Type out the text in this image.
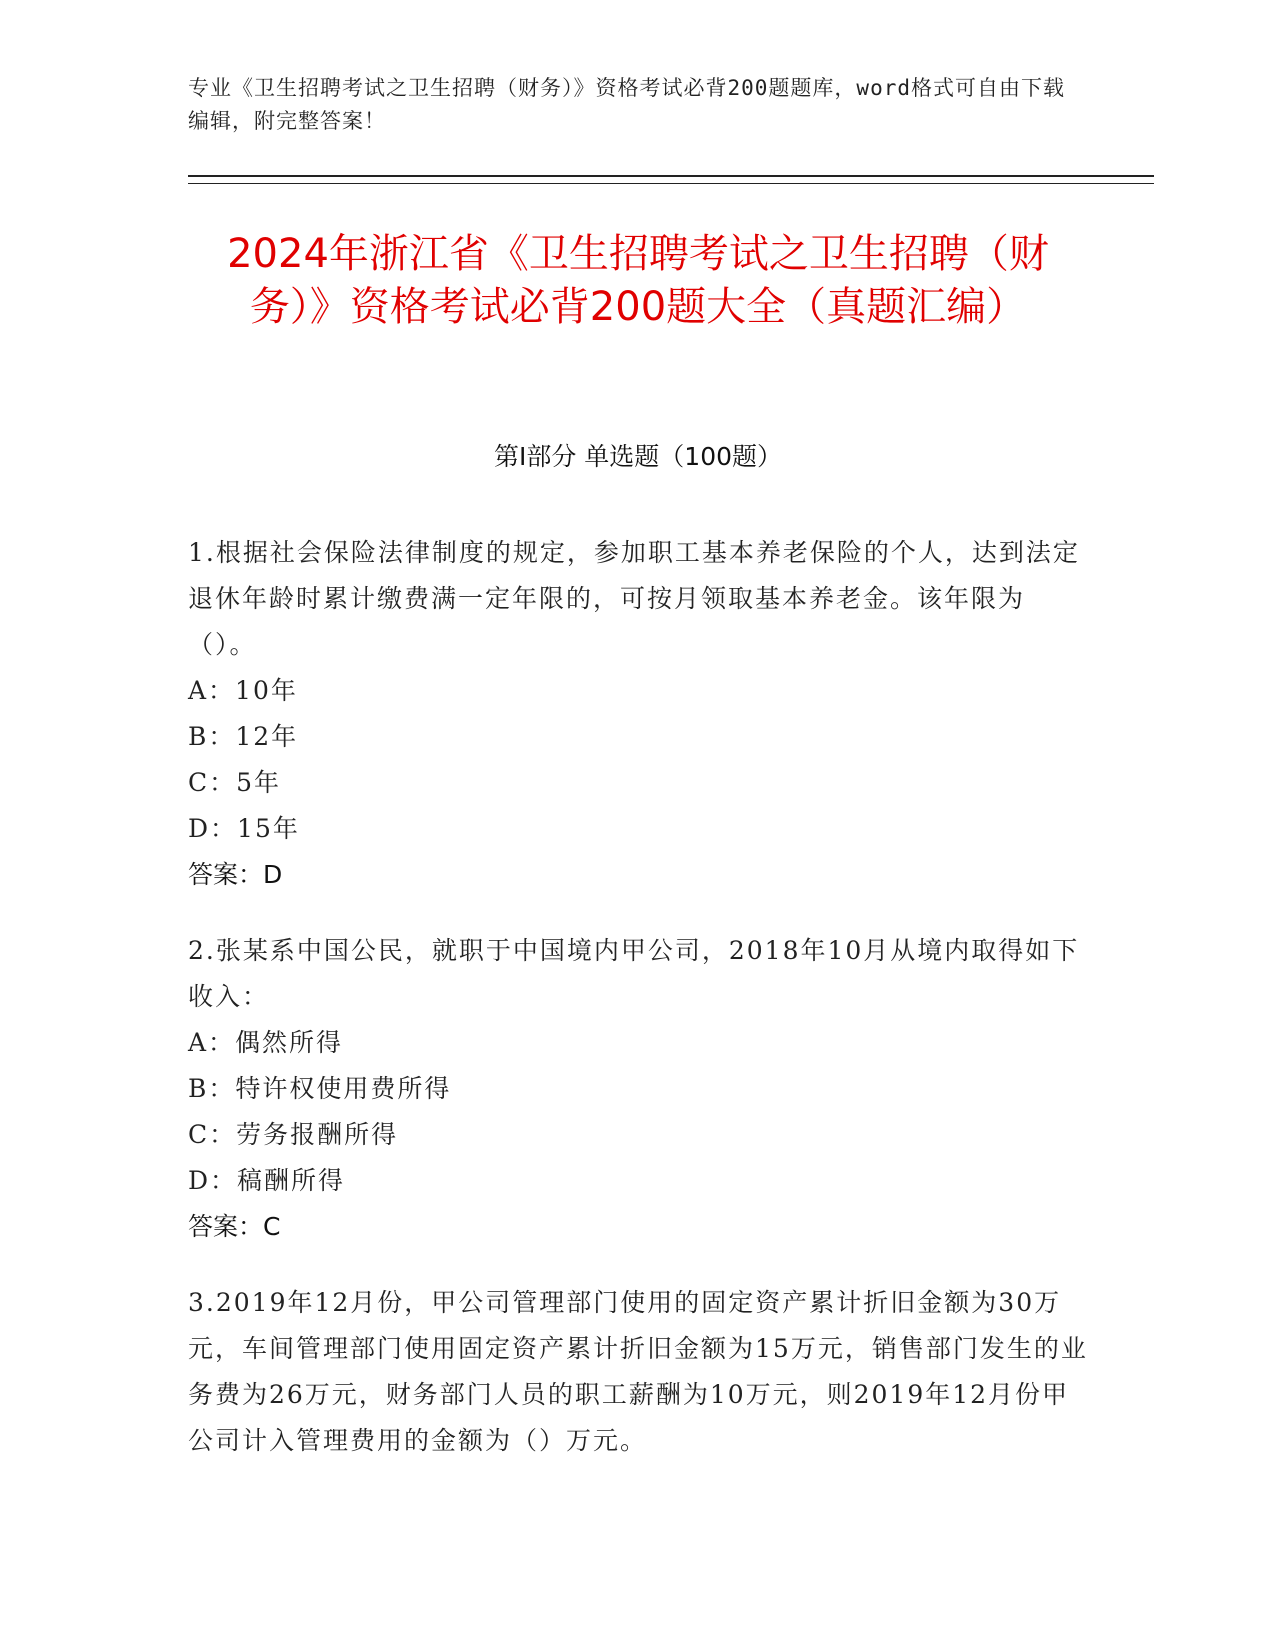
专业《卫生招聘考试之卫生招聘（财务）》资格考试必背200题题库，word格式可自由下载编辑，附完整答案！
2024年浙江省《卫生招聘考试之卫生招聘（财务）》资格考试必背200题大全（真题汇编）
第I部分 单选题（100题）

1.根据社会保险法律制度的规定，参加职工基本养老保险的个人，达到法定退休年龄时累计缴费满一定年限的，可按月领取基本养老金。该年限为（）。

A：10年

B：12年

C：5年

D：15年

答案：D

2.张某系中国公民，就职于中国境内甲公司，2018年10月从境内取得如下收入：

A：偶然所得

B：特许权使用费所得

C：劳务报酬所得

D：稿酬所得

答案：C

3.2019年12月份，甲公司管理部门使用的固定资产累计折旧金额为30万元，车间管理部门使用固定资产累计折旧金额为15万元，销售部门发生的业务费为26万元，财务部门人员的职工薪酬为10万元，则2019年12月份甲公司计入管理费用的金额为（）万元。
